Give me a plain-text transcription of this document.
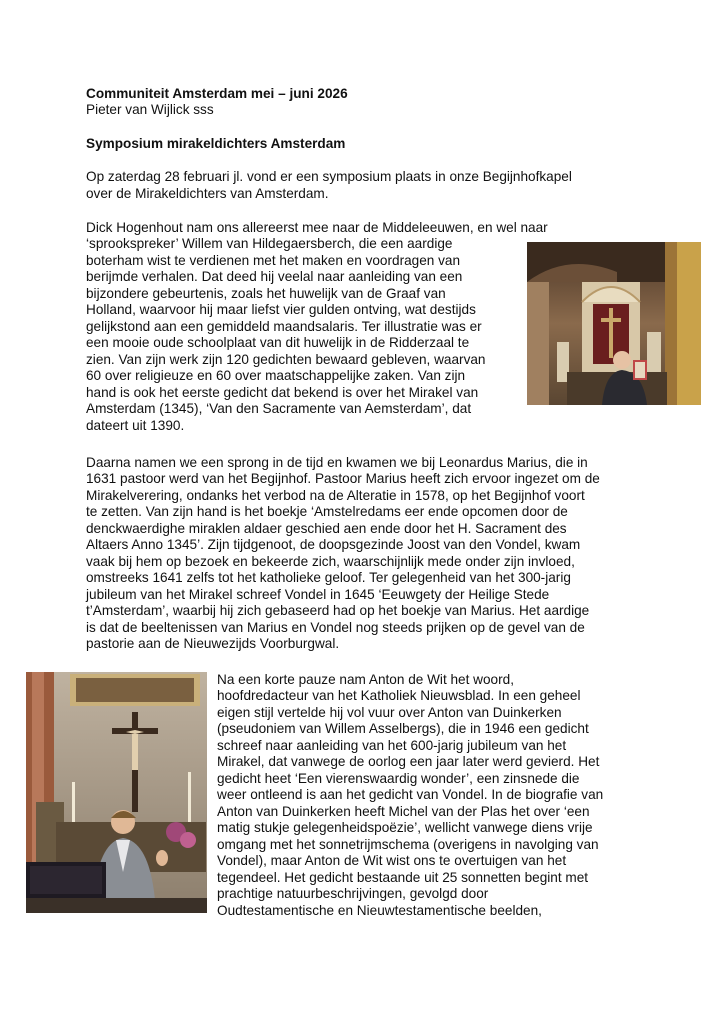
Communiteit Amsterdam mei – juni 2026
Pieter van Wijlick sss
Symposium mirakeldichters Amsterdam
Op zaterdag 28 februari jl. vond er een symposium plaats in onze Begijnhofkapel
over de Mirakeldichters van Amsterdam.
Dick Hogenhout nam ons allereerst mee naar de Middeleeuwen, en wel naar
‘sprookspreker’ Willem van Hildegaersberch, die een aardige
boterham wist te verdienen met het maken en voordragen van
berijmde verhalen. Dat deed hij veelal naar aanleiding van een
bijzondere gebeurtenis, zoals het huwelijk van de Graaf van
Holland, waarvoor hij maar liefst vier gulden ontving, wat destijds
gelijkstond aan een gemiddeld maandsalaris. Ter illustratie was er
een mooie oude schoolplaat van dit huwelijk in de Ridderzaal te
zien. Van zijn werk zijn 120 gedichten bewaard gebleven, waarvan
60 over religieuze en 60 over maatschappelijke zaken. Van zijn
hand is ook het eerste gedicht dat bekend is over het Mirakel van
Amsterdam (1345), ‘Van den Sacramente van Aemsterdam’, dat
dateert uit 1390.
Daarna namen we een sprong in de tijd en kwamen we bij Leonardus Marius, die in
1631 pastoor werd van het Begijnhof. Pastoor Marius heeft zich ervoor ingezet om de
Mirakelverering, ondanks het verbod na de Alteratie in 1578, op het Begijnhof voort
te zetten. Van zijn hand is het boekje ‘Amstelredams eer ende opcomen door de
denckwaerdighe miraklen aldaer geschied aen ende door het H. Sacrament des
Altaers Anno 1345’. Zijn tijdgenoot, de doopsgezinde Joost van den Vondel, kwam
vaak bij hem op bezoek en bekeerde zich, waarschijnlijk mede onder zijn invloed,
omstreeks 1641 zelfs tot het katholieke geloof. Ter gelegenheid van het 300-jarig
jubileum van het Mirakel schreef Vondel in 1645 ‘Eeuwgety der Heilige Stede
t’Amsterdam’, waarbij hij zich gebaseerd had op het boekje van Marius. Het aardige
is dat de beeltenissen van Marius en Vondel nog steeds prijken op de gevel van de
pastorie aan de Nieuwezijds Voorburgwal.
Na een korte pauze nam Anton de Wit het woord,
hoofdredacteur van het Katholiek Nieuwsblad. In een geheel
eigen stijl vertelde hij vol vuur over Anton van Duinkerken
(pseudoniem van Willem Asselbergs), die in 1946 een gedicht
schreef naar aanleiding van het 600-jarig jubileum van het
Mirakel, dat vanwege de oorlog een jaar later werd gevierd. Het
gedicht heet ‘Een vierenswaardig wonder’, een zinsnede die
weer ontleend is aan het gedicht van Vondel. In de biografie van
Anton van Duinkerken heeft Michel van der Plas het over ‘een
matig stukje gelegenheidspoëzie’, wellicht vanwege diens vrije
omgang met het sonnetrijmschema (overigens in navolging van
Vondel), maar Anton de Wit wist ons te overtuigen van het
tegendeel. Het gedicht bestaande uit 25 sonnetten begint met
prachtige natuurbeschrijvingen, gevolgd door
Oudtestamentische en Nieuwtestamentische beelden,
